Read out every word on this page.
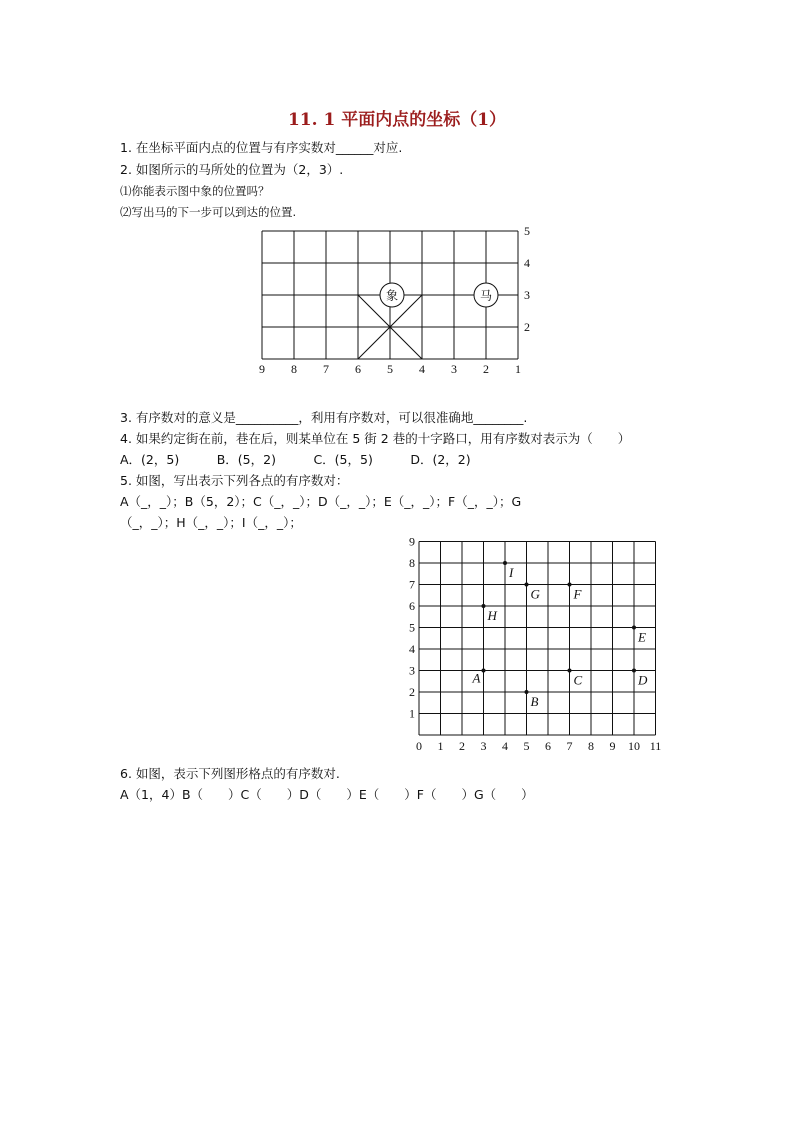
11. 1 平面内点的坐标（1）
1. 在坐标平面内点的位置与有序实数对______对应.
2. 如图所示的马所处的位置为（2，3）.
⑴你能表示图中象的位置吗？
⑵写出马的下一步可以到达的位置.
9 8 7 6 5 4 3 2 1
5
4
3
2
象	马
3. 有序数对的意义是__________，利用有序数对，可以很准确地________.
4. 如果约定街在前，巷在后，则某单位在 5 街 2 巷的十字路口，用有序数对表示为（　　）
A．(2，5)　　　B．(5，2)　　　C．(5，5)　　　D．(2，2)
5. 如图，写出表示下列各点的有序数对：
A（_，_）；B（5，2）；C（_，_）；D（_，_）；E（_，_）；F（_，_）；G
（_，_）；H（_，_）；I（_，_）；
0 1 2 3 4 5 6 7 8 9 10 11
1
2
3
4
5
6
7
8
9
A
B
C	D
E
F
G
H
I
6. 如图，表示下列图形格点的有序数对.
A（1，4）B（　　）C（　　）D（　　）E（　　）F（　　）G（　　）
